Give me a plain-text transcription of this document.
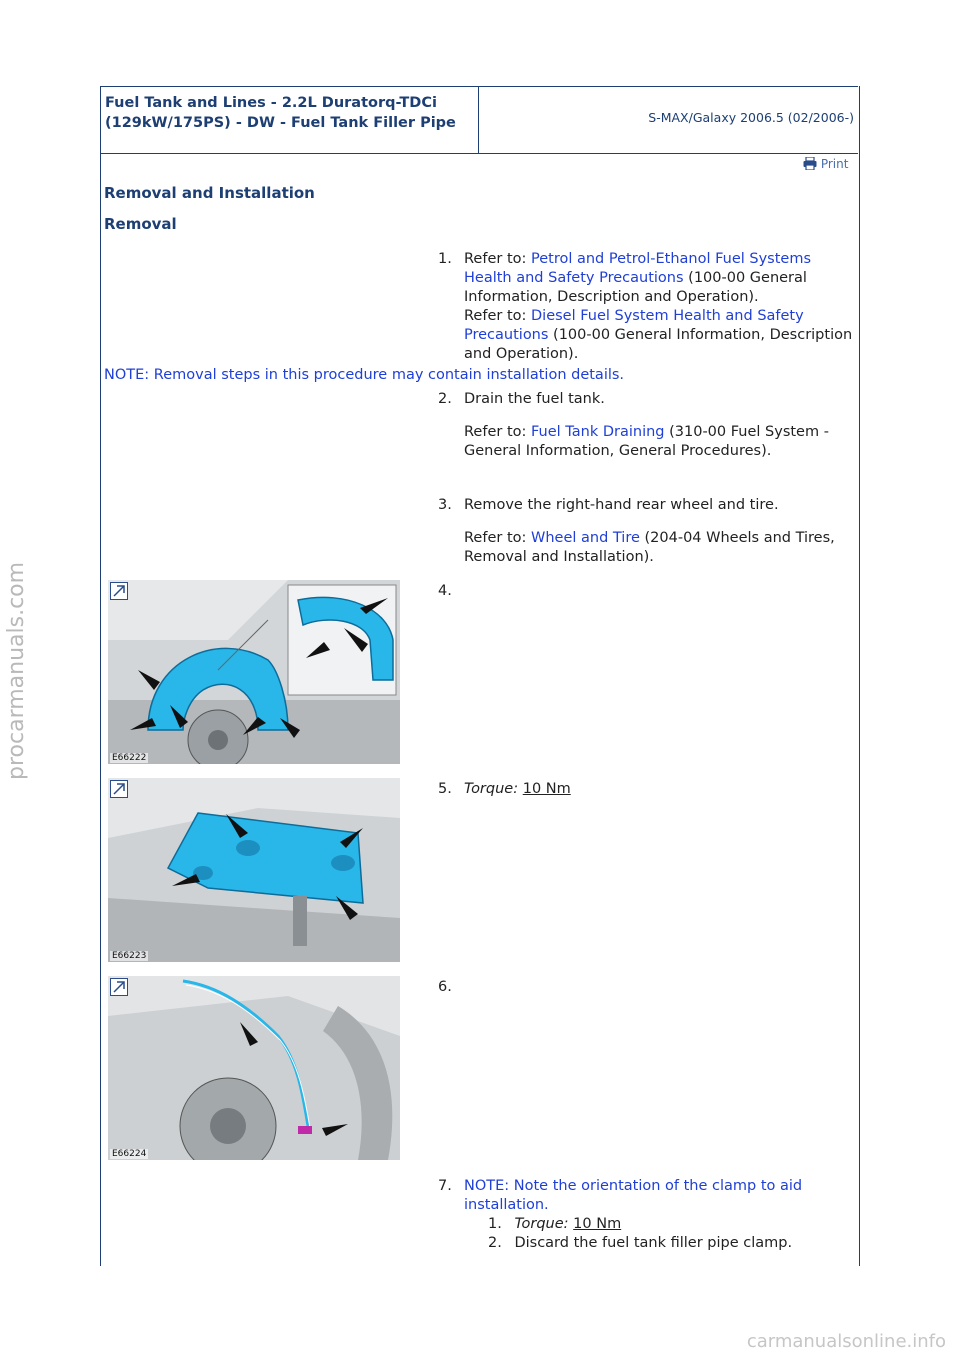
Fuel Tank and Lines - 2.2L Duratorq-TDCi (129kW/175PS) - DW - Fuel Tank Filler Pipe	S-MAX/Galaxy 2006.5 (02/2006-)
Print
Removal and Installation
Removal
1. Refer to: Petrol and Petrol-Ethanol Fuel Systems Health and Safety Precautions (100-00 General Information, Description and Operation).
Refer to: Diesel Fuel System Health and Safety Precautions (100-00 General Information, Description and Operation).
NOTE: Removal steps in this procedure may contain installation details.
2. Drain the fuel tank.
Refer to: Fuel Tank Draining (310-00 Fuel System - General Information, General Procedures).
3. Remove the right-hand rear wheel and tire.
Refer to: Wheel and Tire (204-04 Wheels and Tires, Removal and Installation).
E66222
4.
E66223
5. Torque: 10 Nm
E66224
6.
7. NOTE: Note the orientation of the clamp to aid installation.
1. Torque: 10 Nm
2. Discard the fuel tank filler pipe clamp.
procarmanuals.com
carmanualsonline.info
